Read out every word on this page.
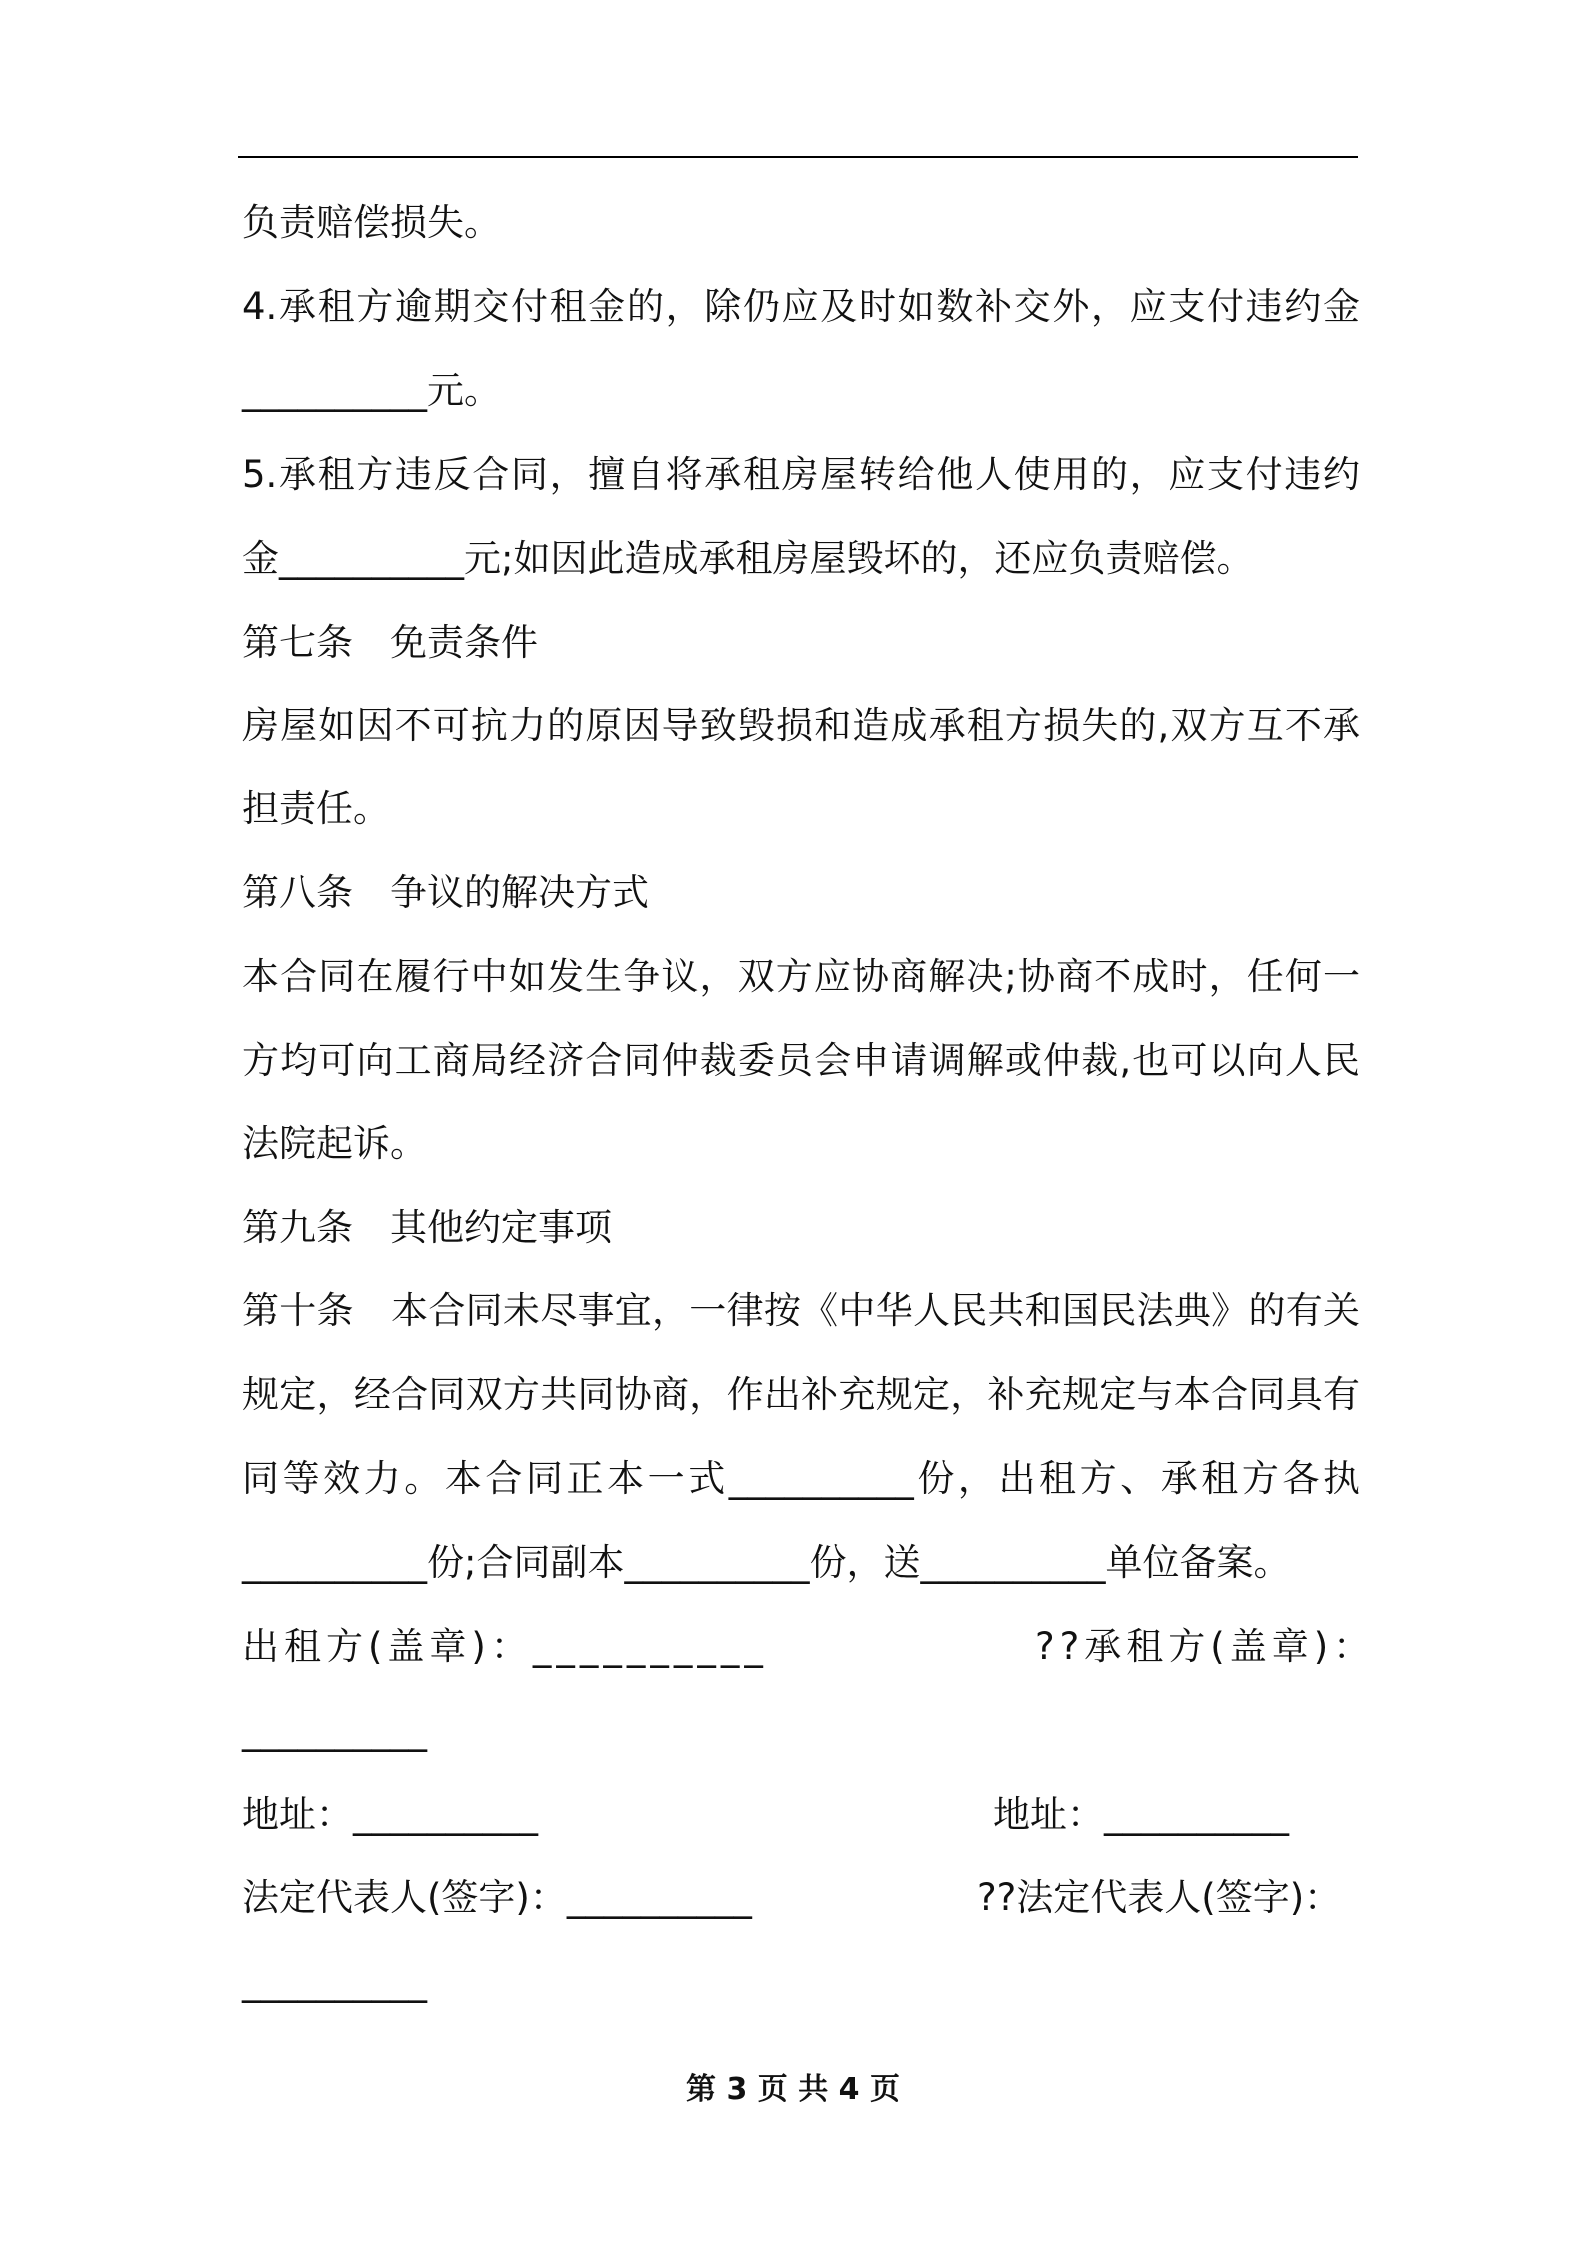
负责赔偿损失。
4.承租方逾期交付租金的，除仍应及时如数补交外，应支付违约金
__________元。
5.承租方违反合同，擅自将承租房屋转给他人使用的，应支付违约
金__________元;如因此造成承租房屋毁坏的，还应负责赔偿。
第七条　免责条件
房屋如因不可抗力的原因导致毁损和造成承租方损失的,双方互不承
担责任。
第八条　争议的解决方式
本合同在履行中如发生争议，双方应协商解决;协商不成时，任何一
方均可向工商局经济合同仲裁委员会申请调解或仲裁,也可以向人民
法院起诉。
第九条　其他约定事项
第十条　本合同未尽事宜，一律按《中华人民共和国民法典》的有关
规定，经合同双方共同协商，作出补充规定，补充规定与本合同具有
同等效力。本合同正本一式__________份，出租方、承租方各执
__________份;合同副本__________份，送__________单位备案。
出租方(盖章)：__________	??承租方(盖章)：
__________
地址：__________	地址：__________
法定代表人(签字)：__________	??法定代表人(签字)：
__________
第 3 页 共 4 页
